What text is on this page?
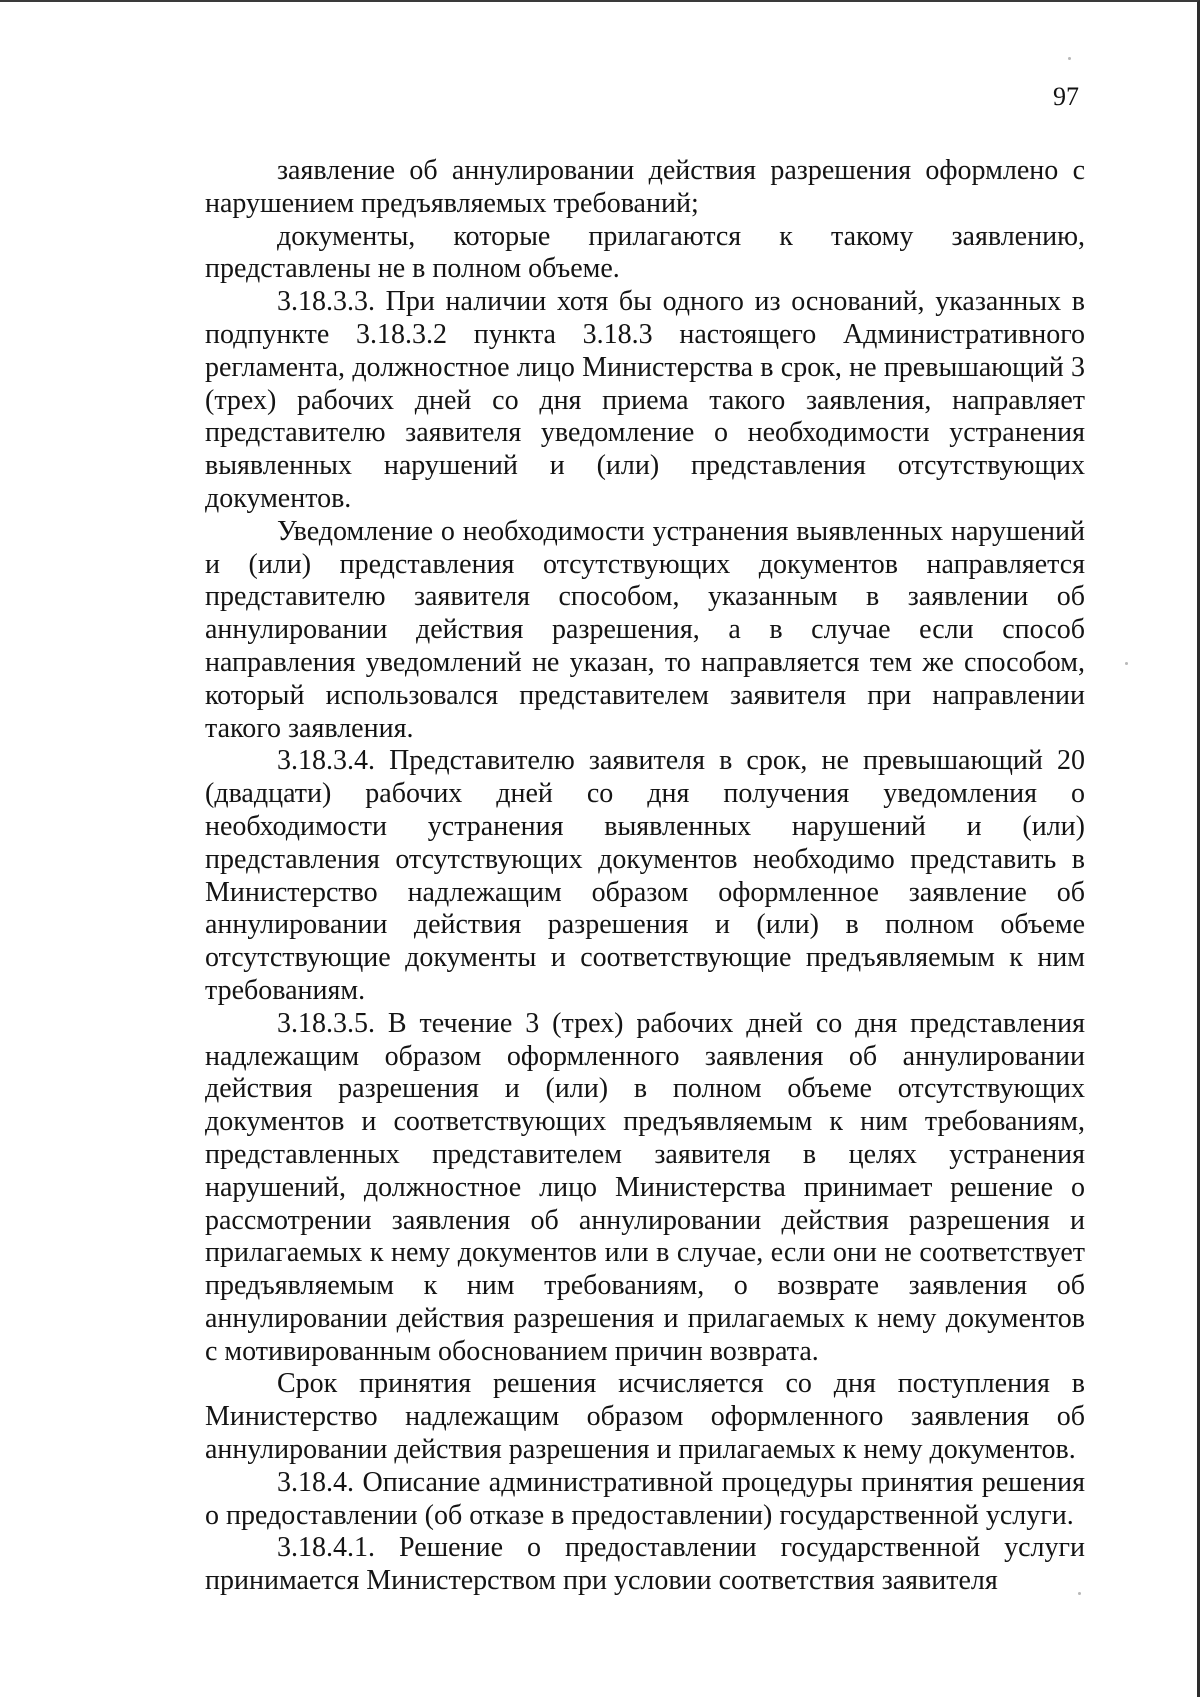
97

заявление об аннулировании действия разрешения оформлено с нарушением предъявляемых требований;

документы, которые прилагаются к такому заявлению, представлены не в полном объеме.

3.18.3.3. При наличии хотя бы одного из оснований, указанных в подпункте 3.18.3.2 пункта 3.18.3 настоящего Административного регламента, должностное лицо Министерства в срок, не превышающий 3 (трех) рабочих дней со дня приема такого заявления, направляет представителю заявителя уведомление о необходимости устранения выявленных нарушений и (или) представления отсутствующих документов.

Уведомление о необходимости устранения выявленных нарушений и (или) представления отсутствующих документов направляется представителю заявителя способом, указанным в заявлении об аннулировании действия разрешения, а в случае если способ направления уведомлений не указан, то направляется тем же способом, который использовался представителем заявителя при направлении такого заявления.

3.18.3.4. Представителю заявителя в срок, не превышающий 20 (двадцати) рабочих дней со дня получения уведомления о необходимости устранения выявленных нарушений и (или) представления отсутствующих документов необходимо представить в Министерство надлежащим образом оформленное заявление об аннулировании действия разрешения и (или) в полном объеме отсутствующие документы и соответствующие предъявляемым к ним требованиям.

3.18.3.5. В течение 3 (трех) рабочих дней со дня представления надлежащим образом оформленного заявления об аннулировании действия разрешения и (или) в полном объеме отсутствующих документов и соответствующих предъявляемым к ним требованиям, представленных представителем заявителя в целях устранения нарушений, должностное лицо Министерства принимает решение о рассмотрении заявления об аннулировании действия разрешения и прилагаемых к нему документов или в случае, если они не соответствует предъявляемым к ним требованиям, о возврате заявления об аннулировании действия разрешения и прилагаемых к нему документов с мотивированным обоснованием причин возврата.

Срок принятия решения исчисляется со дня поступления в Министерство надлежащим образом оформленного заявления об аннулировании действия разрешения и прилагаемых к нему документов.

3.18.4. Описание административной процедуры принятия решения о предоставлении (об отказе в предоставлении) государственной услуги.

3.18.4.1. Решение о предоставлении государственной услуги принимается Министерством при условии соответствия заявителя
